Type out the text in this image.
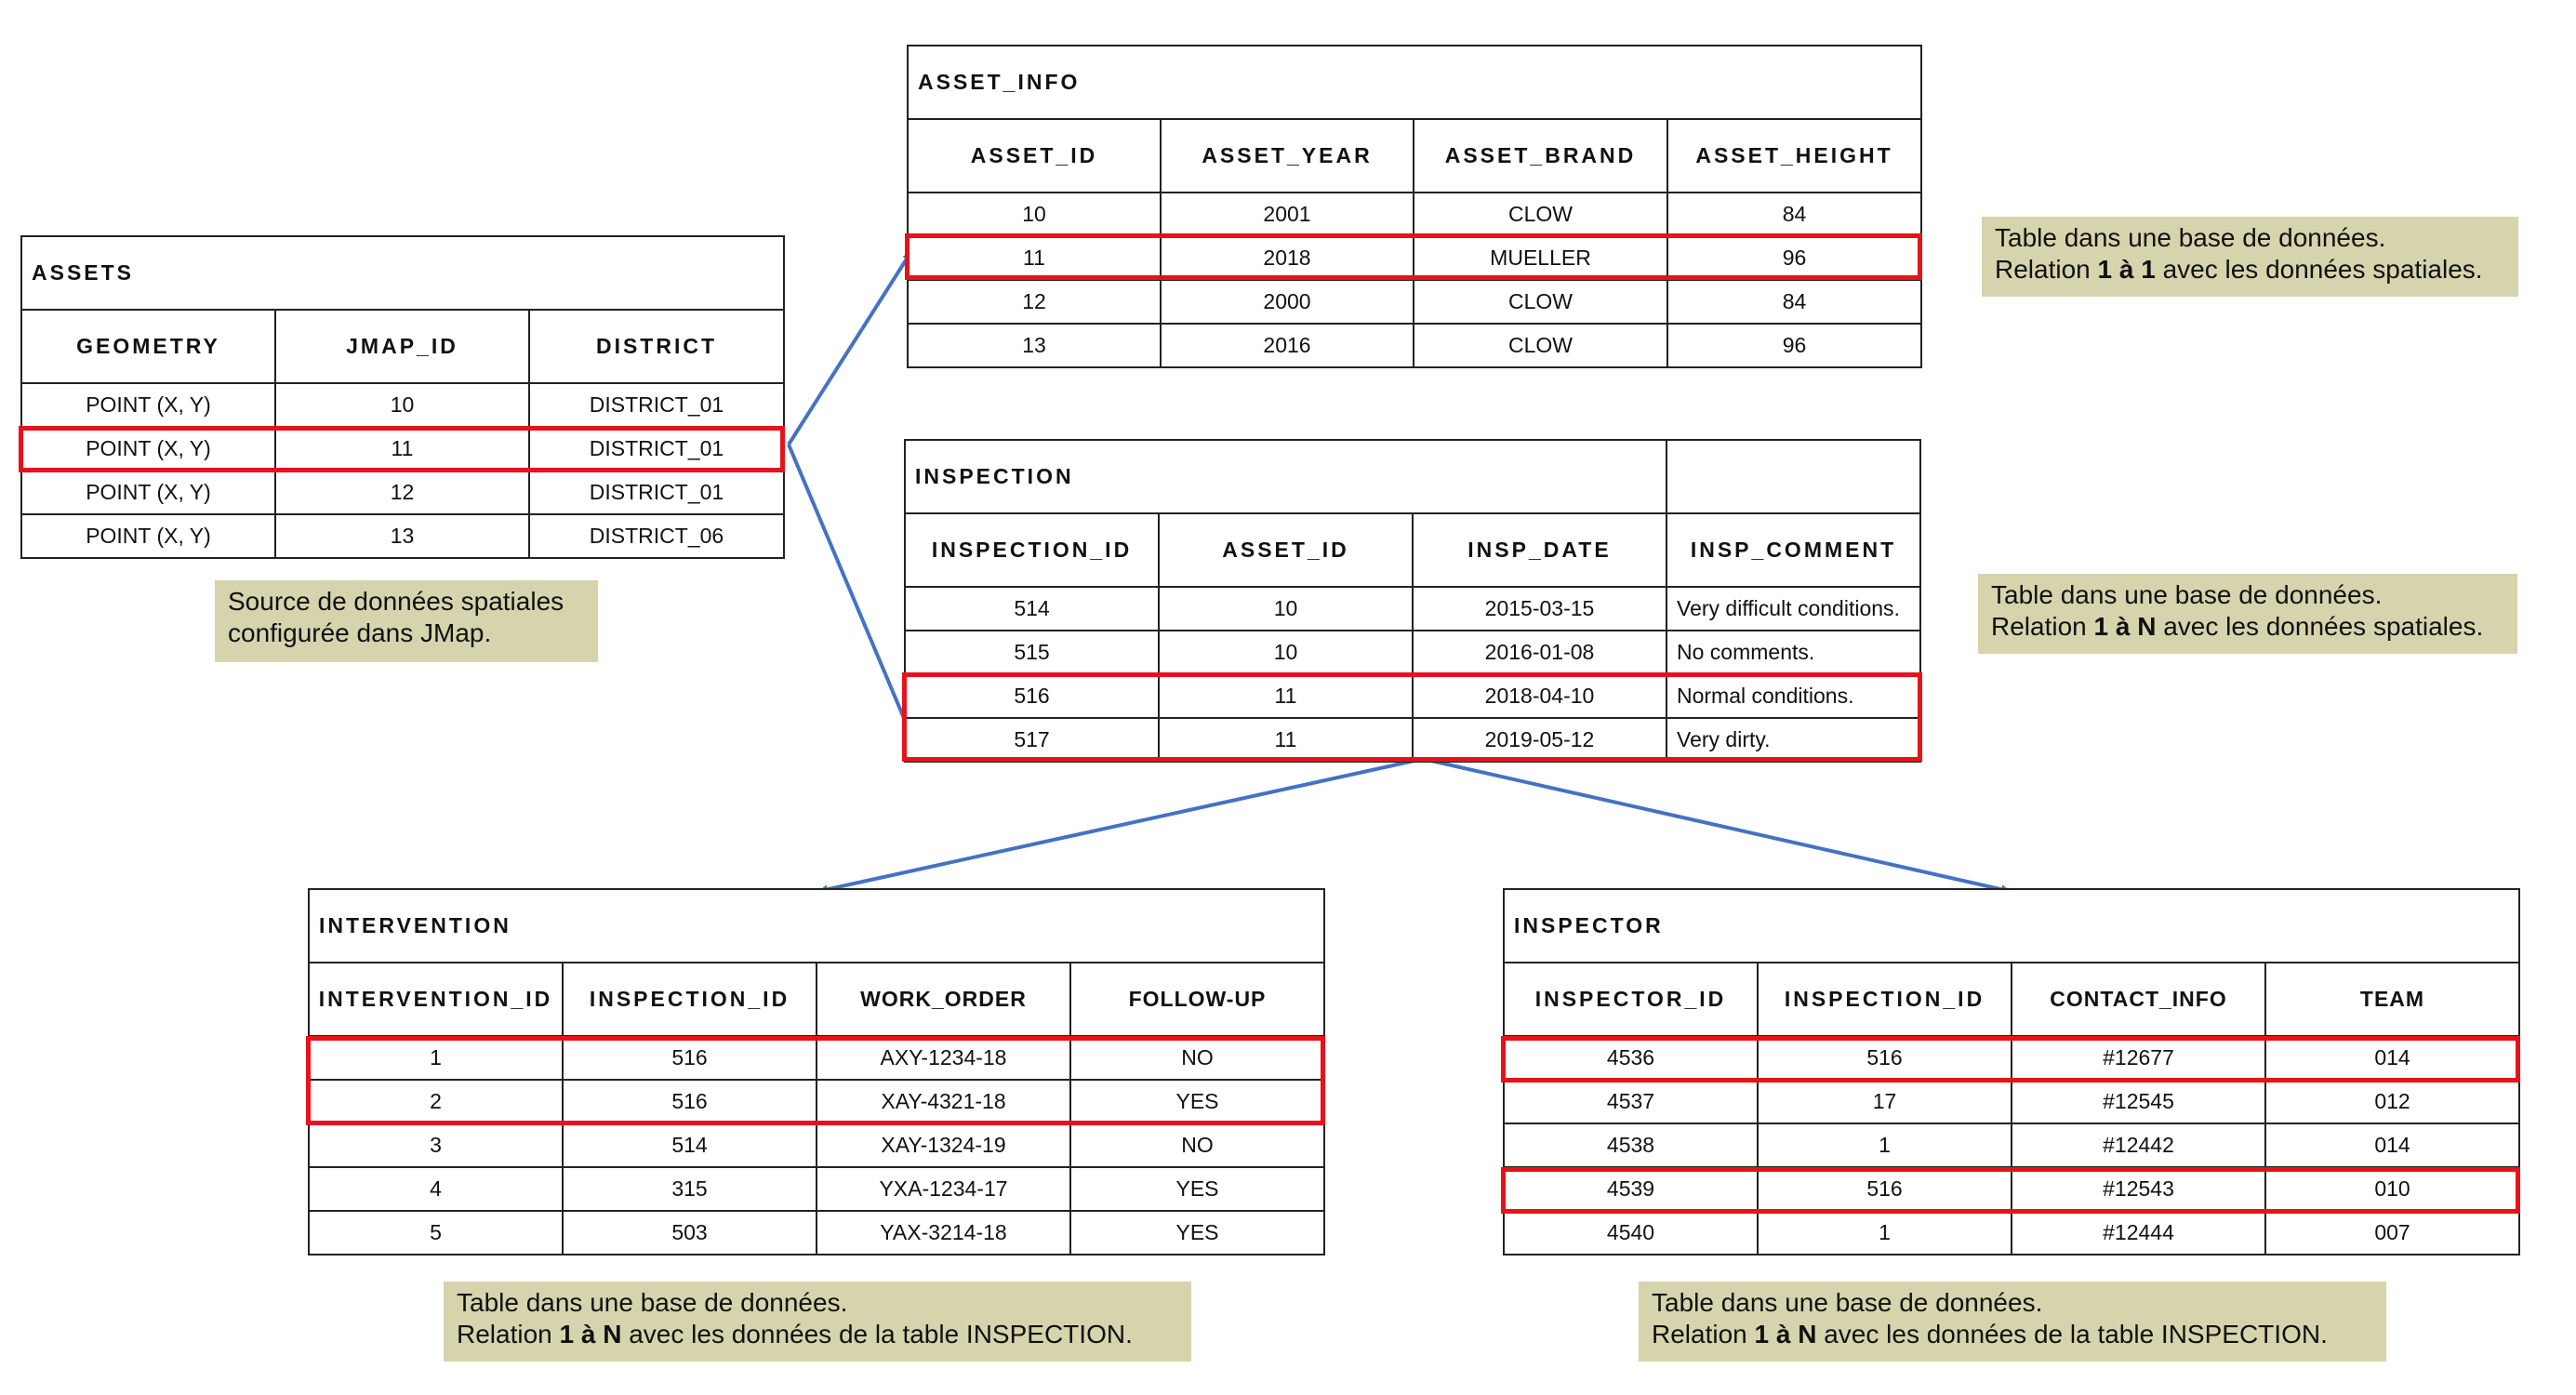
ASSETS		
GEOMETRY	JMAP_ID	DISTRICT
POINT (X, Y)	10	DISTRICT_01
POINT (X, Y)	11	DISTRICT_01
POINT (X, Y)	12	DISTRICT_01
POINT (X, Y)	13	DISTRICT_06
Source de données spatiales
configurée dans JMap.
ASSET_INFO			
ASSET_ID	ASSET_YEAR	ASSET_BRAND	ASSET_HEIGHT
10	2001	CLOW	84
11	2018	MUELLER	96
12	2000	CLOW	84
13	2016	CLOW	96
Table dans une base de données.
Relation 1 à 1 avec les données spatiales.
INSPECTION			
INSPECTION_ID	ASSET_ID	INSP_DATE	INSP_COMMENT
514	10	2015-03-15	Very difficult conditions.
515	10	2016-01-08	No comments.
516	11	2018-04-10	Normal conditions.
517	11	2019-05-12	Very dirty.
Table dans une base de données.
Relation 1 à N avec les données spatiales.
INTERVENTION			
INTERVENTION_ID	INSPECTION_ID	WORK_ORDER	FOLLOW-UP
1	516	AXY-1234-18	NO
2	516	XAY-4321-18	YES
3	514	XAY-1324-19	NO
4	315	YXA-1234-17	YES
5	503	YAX-3214-18	YES
Table dans une base de données.
Relation 1 à N avec les données de la table INSPECTION.
INSPECTOR			
INSPECTOR_ID	INSPECTION_ID	CONTACT_INFO	TEAM
4536	516	#12677	014
4537	17	#12545	012
4538	1	#12442	014
4539	516	#12543	010
4540	1	#12444	007
Table dans une base de données.
Relation 1 à N avec les données de la table INSPECTION.
